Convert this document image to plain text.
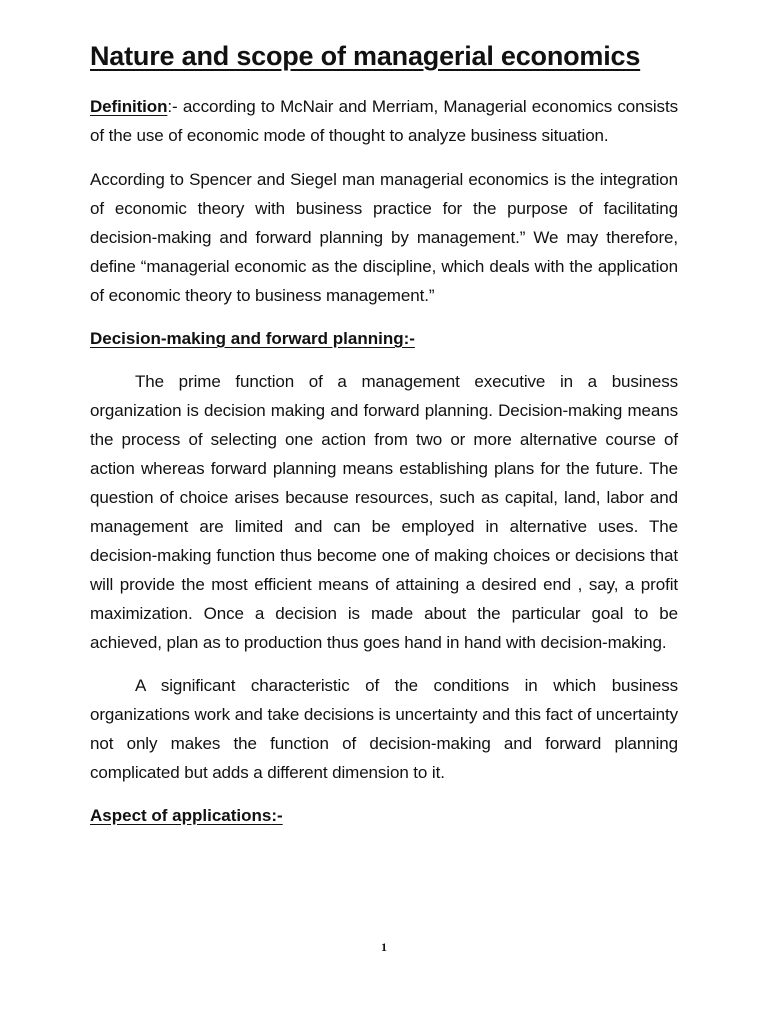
Nature and scope of managerial economics

Definition:- according to McNair and Merriam, Managerial economics consists of the use of economic mode of thought to analyze business situation.

According to Spencer and Siegel man managerial economics is the integration of economic theory with business practice for the purpose of facilitating decision-making and forward planning by management.” We may therefore, define “managerial economic as the discipline, which deals with the application of economic theory to business management.”

Decision-making and forward planning:-

The prime function of a management executive in a business organization is decision making and forward planning. Decision-making means the process of selecting one action from two or more alternative course of action whereas forward planning means establishing plans for the future. The question of choice arises because resources, such as capital, land, labor and management are limited and can be employed in alternative uses. The decision-making function thus become one of making choices or decisions that will provide the most efficient means of attaining a desired end , say, a profit maximization. Once a decision is made about the particular goal to be achieved, plan as to production thus goes hand in hand with decision-making.

A significant characteristic of the conditions in which business organizations work and take decisions is uncertainty and this fact of uncertainty not only makes the function of decision-making and forward planning complicated but adds a different dimension to it.

Aspect of applications:-
1
